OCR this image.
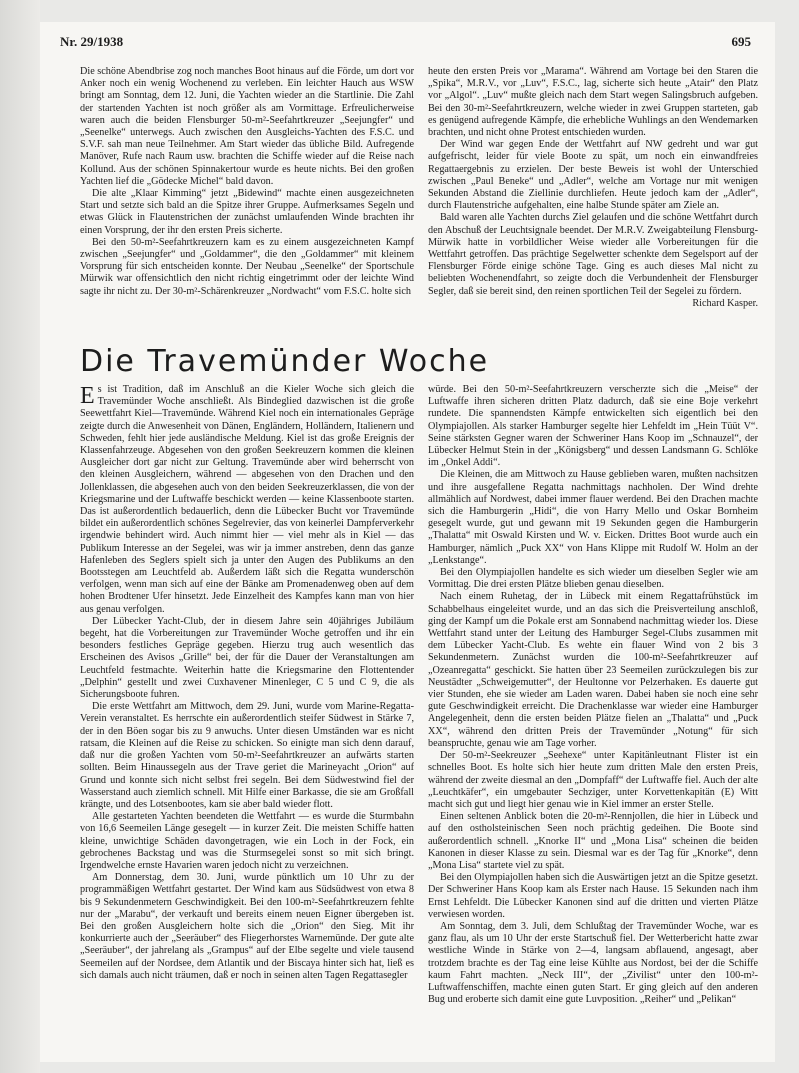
Nr. 29/1938	695

Die schöne Abendbrise zog noch manches Boot hinaus auf die Förde, um dort vor Anker noch ein wenig Wochenend zu verleben. Ein leichter Hauch aus WSW bringt am Sonntag, dem 12. Juni, die Yachten wieder an die Startlinie. Die Zahl der startenden Yachten ist noch größer als am Vormittage. Erfreulicherweise waren auch die beiden Flensburger 50-m²-Seefahrtkreuzer „Seejungfer“ und „Seenelke“ unterwegs. Auch zwischen den Ausgleichs-Yachten des F.S.C. und S.V.F. sah man neue Teilnehmer. Am Start wieder das übliche Bild. Aufregende Manöver, Rufe nach Raum usw. brachten die Schiffe wieder auf die Reise nach Kollund. Aus der schönen Spinnakertour wurde es heute nichts. Bei den großen Yachten lief die „Gödecke Michel“ bald davon.

Die alte „Klaar Kimming“ jetzt „Bidewind“ machte einen ausgezeichneten Start und setzte sich bald an die Spitze ihrer Gruppe. Aufmerksames Segeln und etwas Glück in Flautenstrichen der zunächst umlaufenden Winde brachten ihr einen Vorsprung, der ihr den ersten Preis sicherte.

Bei den 50-m²-Seefahrtkreuzern kam es zu einem ausgezeichneten Kampf zwischen „Seejungfer“ und „Goldammer“, die den „Goldammer“ mit kleinem Vorsprung für sich entscheiden konnte. Der Neubau „Seenelke“ der Sportschule Mürwik war offensichtlich den nicht richtig eingetrimmt oder der leichte Wind sagte ihr nicht zu. Der 30-m²-Schärenkreuzer „Nordwacht“ vom F.S.C. holte sich

heute den ersten Preis vor „Marama“. Während am Vortage bei den Staren die „Spika“, M.R.V., vor „Luv“, F.S.C., lag, sicherte sich heute „Atair“ den Platz vor „Algol“. „Luv“ mußte gleich nach dem Start wegen Salingsbruch aufgeben. Bei den 30-m²-Seefahrtkreuzern, welche wieder in zwei Gruppen starteten, gab es genügend aufregende Kämpfe, die erhebliche Wuhlings an den Wendemarken brachten, und nicht ohne Protest entschieden wurden.

Der Wind war gegen Ende der Wettfahrt auf NW gedreht und war gut aufgefrischt, leider für viele Boote zu spät, um noch ein einwandfreies Regattaergebnis zu erzielen. Der beste Beweis ist wohl der Unterschied zwischen „Paul Beneke“ und „Adler“, welche am Vortage nur mit wenigen Sekunden Abstand die Ziellinie durchliefen. Heute jedoch kam der „Adler“, durch Flautenstriche aufgehalten, eine halbe Stunde später am Ziele an.

Bald waren alle Yachten durchs Ziel gelaufen und die schöne Wettfahrt durch den Abschuß der Leuchtsignale beendet. Der M.R.V. Zweigabteilung Flensburg-Mürwik hatte in vorbildlicher Weise wieder alle Vorbereitungen für die Wettfahrt getroffen. Das prächtige Segelwetter schenkte dem Segelsport auf der Flensburger Förde einige schöne Tage. Ging es auch dieses Mal nicht zu beliebten Wochenendfahrt, so zeigte doch die Verbundenheit der Flensburger Segler, daß sie bereit sind, den reinen sportlichen Teil der Segelei zu fördern.

Richard Kasper.
Die Travemünder Woche

Es ist Tradition, daß im Anschluß an die Kieler Woche sich gleich die Travemünder Woche anschließt. Als Bindeglied dazwischen ist die große Seewettfahrt Kiel—Travemünde. Während Kiel noch ein internationales Gepräge zeigte durch die Anwesenheit von Dänen, Engländern, Holländern, Italienern und Schweden, fehlt hier jede ausländische Meldung. Kiel ist das große Ereignis der Klassenfahrzeuge. Abgesehen von den großen Seekreuzern kommen die kleinen Ausgleicher dort gar nicht zur Geltung. Travemünde aber wird beherrscht von den kleinen Ausgleichern, während — abgesehen von den Drachen und den Jollenklassen, die abgesehen auch von den beiden Seekreuzerklassen, die von der Kriegsmarine und der Luftwaffe beschickt werden — keine Klassenboote starten. Das ist außerordentlich bedauerlich, denn die Lübecker Bucht vor Travemünde bildet ein außerordentlich schönes Segelrevier, das von keinerlei Dampferverkehr irgendwie behindert wird. Auch nimmt hier — viel mehr als in Kiel — das Publikum Interesse an der Segelei, was wir ja immer anstreben, denn das ganze Hafenleben des Seglers spielt sich ja unter den Augen des Publikums an den Bootsstegen am Leuchtfeld ab. Außerdem läßt sich die Regatta wunderschön verfolgen, wenn man sich auf eine der Bänke am Promenadenweg oben auf dem hohen Brodtener Ufer hinsetzt. Jede Einzelheit des Kampfes kann man von hier aus genau verfolgen.

Der Lübecker Yacht-Club, der in diesem Jahre sein 40jähriges Jubiläum begeht, hat die Vorbereitungen zur Travemünder Woche getroffen und ihr ein besonders festliches Gepräge gegeben. Hierzu trug auch wesentlich das Erscheinen des Avisos „Grille“ bei, der für die Dauer der Veranstaltungen am Leuchtfeld festmachte. Weiterhin hatte die Kriegsmarine den Flottentender „Delphin“ gestellt und zwei Cuxhavener Minenleger, C 5 und C 9, die als Sicherungsboote fuhren.

Die erste Wettfahrt am Mittwoch, dem 29. Juni, wurde vom Marine-Regatta-Verein veranstaltet. Es herrschte ein außerordentlich steifer Südwest in Stärke 7, der in den Böen sogar bis zu 9 anwuchs. Unter diesen Umständen war es nicht ratsam, die Kleinen auf die Reise zu schicken. So einigte man sich denn darauf, daß nur die großen Yachten vom 50-m²-Seefahrtkreuzer an aufwärts starten sollten. Beim Hinaussegeln aus der Trave geriet die Marineyacht „Orion“ auf Grund und konnte sich nicht selbst frei segeln. Bei dem Südwestwind fiel der Wasserstand auch ziemlich schnell. Mit Hilfe einer Barkasse, die sie am Großfall krängte, und des Lotsenbootes, kam sie aber bald wieder flott.

Alle gestarteten Yachten beendeten die Wettfahrt — es wurde die Sturmbahn von 16,6 Seemeilen Länge gesegelt — in kurzer Zeit. Die meisten Schiffe hatten kleine, unwichtige Schäden davongetragen, wie ein Loch in der Fock, ein gebrochenes Backstag und was die Sturmsegelei sonst so mit sich bringt. Irgendwelche ernste Havarien waren jedoch nicht zu verzeichnen.

Am Donnerstag, dem 30. Juni, wurde pünktlich um 10 Uhr zu der programmäßigen Wettfahrt gestartet. Der Wind kam aus Südsüdwest von etwa 8 bis 9 Sekundenmetern Geschwindigkeit. Bei den 100-m²-Seefahrtkreuzern fehlte nur der „Marabu“, der verkauft und bereits einem neuen Eigner übergeben ist. Bei den großen Ausgleichern holte sich die „Orion“ den Sieg. Mit ihr konkurrierte auch der „Seeräuber“ des Fliegerhorstes Warnemünde. Der gute alte „Seeräuber“, der jahrelang als „Grampus“ auf der Elbe segelte und viele tausend Seemeilen auf der Nordsee, dem Atlantik und der Biscaya hinter sich hat, ließ es sich damals auch nicht träumen, daß er noch in seinen alten Tagen Regattasegler

würde. Bei den 50-m²-Seefahrtkreuzern verscherzte sich die „Meise“ der Luftwaffe ihren sicheren dritten Platz dadurch, daß sie eine Boje verkehrt rundete. Die spannendsten Kämpfe entwickelten sich eigentlich bei den Olympiajollen. Als starker Hamburger segelte hier Lehfeldt im „Hein Tüüt V“. Seine stärksten Gegner waren der Schweriner Hans Koop im „Schnauzel“, der Lübecker Helmut Stein in der „Königsberg“ und dessen Landsmann G. Schlöke im „Onkel Addi“.

Die Kleinen, die am Mittwoch zu Hause geblieben waren, mußten nachsitzen und ihre ausgefallene Regatta nachmittags nachholen. Der Wind drehte allmählich auf Nordwest, dabei immer flauer werdend. Bei den Drachen machte sich die Hamburgerin „Hidi“, die von Harry Mello und Oskar Bornheim gesegelt wurde, gut und gewann mit 19 Sekunden gegen die Hamburgerin „Thalatta“ mit Oswald Kirsten und W. v. Eicken. Drittes Boot wurde auch ein Hamburger, nämlich „Puck XX“ von Hans Klippe mit Rudolf W. Holm an der „Lenkstange“.

Bei den Olympiajollen handelte es sich wieder um dieselben Segler wie am Vormittag. Die drei ersten Plätze blieben genau dieselben.

Nach einem Ruhetag, der in Lübeck mit einem Regattafrühstück im Schabbelhaus eingeleitet wurde, und an das sich die Preisverteilung anschloß, ging der Kampf um die Pokale erst am Sonnabend nachmittag wieder los. Diese Wettfahrt stand unter der Leitung des Hamburger Segel-Clubs zusammen mit dem Lübecker Yacht-Club. Es wehte ein flauer Wind von 2 bis 3 Sekundenmetern. Zunächst wurden die 100-m²-Seefahrtkreuzer auf „Ozeanregatta“ geschickt. Sie hatten über 23 Seemeilen zurückzulegen bis zur Neustädter „Schweigemutter“, der Heultonne vor Pelzerhaken. Es dauerte gut vier Stunden, ehe sie wieder am Laden waren. Dabei haben sie noch eine sehr gute Geschwindigkeit erreicht. Die Drachenklasse war wieder eine Hamburger Angelegenheit, denn die ersten beiden Plätze fielen an „Thalatta“ und „Puck XX“, während den dritten Preis der Travemünder „Notung“ für sich beanspruchte, genau wie am Tage vorher.

Der 50-m²-Seekreuzer „Seehexe“ unter Kapitänleutnant Flister ist ein schnelles Boot. Es holte sich hier heute zum dritten Male den ersten Preis, während der zweite diesmal an den „Dompfaff“ der Luftwaffe fiel. Auch der alte „Leuchtkäfer“, ein umgebauter Sechziger, unter Korvettenkapitän (E) Witt macht sich gut und liegt hier genau wie in Kiel immer an erster Stelle.

Einen seltenen Anblick boten die 20-m²-Rennjollen, die hier in Lübeck und auf den ostholsteinischen Seen noch prächtig gedeihen. Die Boote sind außerordentlich schnell. „Knorke II“ und „Mona Lisa“ scheinen die beiden Kanonen in dieser Klasse zu sein. Diesmal war es der Tag für „Knorke“, denn „Mona Lisa“ startete viel zu spät.

Bei den Olympiajollen haben sich die Auswärtigen jetzt an die Spitze gesetzt. Der Schweriner Hans Koop kam als Erster nach Hause. 15 Sekunden nach ihm Ernst Lehfeldt. Die Lübecker Kanonen sind auf die dritten und vierten Plätze verwiesen worden.

Am Sonntag, dem 3. Juli, dem Schlußtag der Travemünder Woche, war es ganz flau, als um 10 Uhr der erste Startschuß fiel. Der Wetterbericht hatte zwar westliche Winde in Stärke von 2—4, langsam abflauend, angesagt, aber trotzdem brachte es der Tag eine leise Kühlte aus Nordost, bei der die Schiffe kaum Fahrt machten. „Neck III“, der „Zivilist“ unter den 100-m²-Luftwaffenschiffen, machte einen guten Start. Er ging gleich auf den anderen Bug und eroberte sich damit eine gute Luvposition. „Reiher“ und „Pelikan“
